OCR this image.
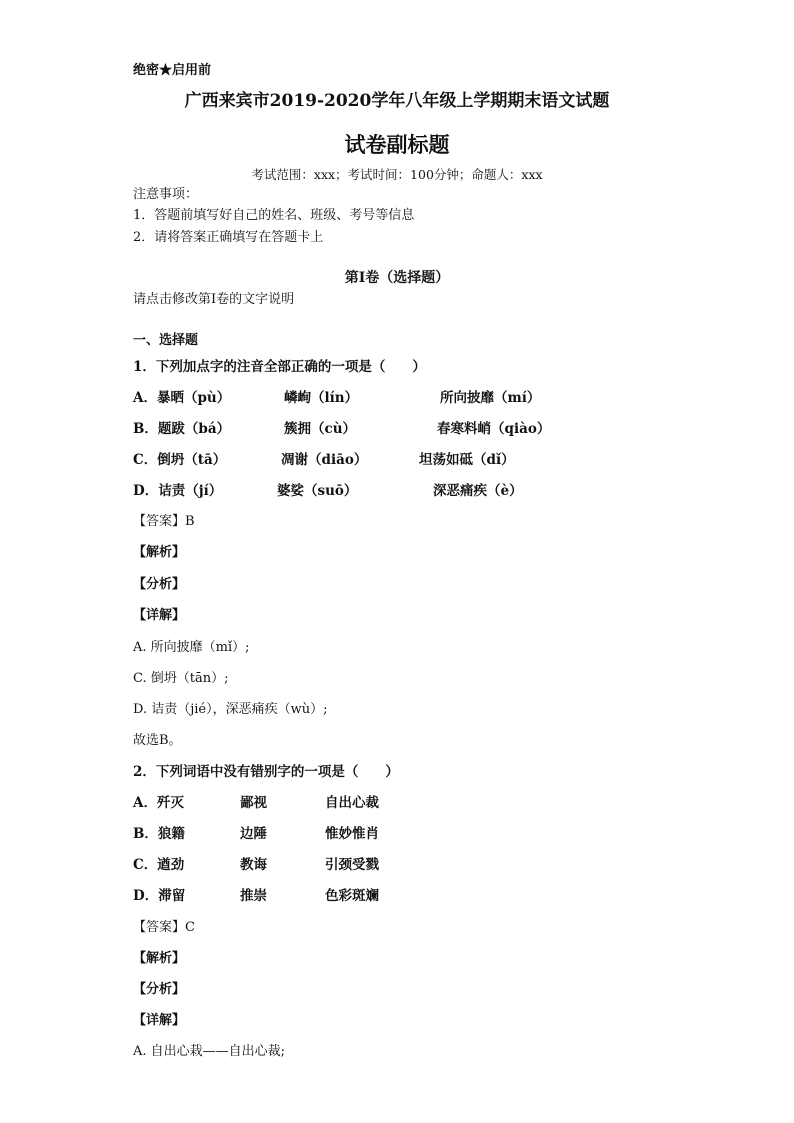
绝密★启用前
广西来宾市2019-2020学年八年级上学期期末语文试题
试卷副标题
考试范围：xxx；考试时间：100分钟；命题人：xxx
注意事项：
1．答题前填写好自己的姓名、班级、考号等信息
2．请将答案正确填写在答题卡上
第I卷（选择题）
请点击修改第I卷的文字说明
一、选择题
1．下列加点字的注音全部正确的一项是（　　）
A．暴晒（pù）	嶙峋（lín）	所向披靡（mí）
B．题跋（bá）	簇拥（cù）	春寒料峭（qiào）
C．倒坍（tā）	凋谢（diāo）	坦荡如砥（dǐ）
D．诘责（jí）	婆娑（suō）	深恶痛疾（è）
【答案】B
【解析】
【分析】
【详解】
A. 所向披靡（mǐ）;
C. 倒坍（tān）;
D. 诘责（jié），深恶痛疾（wù）;
故选B。
2．下列词语中没有错别字的一项是（　　）
A．歼灭	鄙视	自出心裁
B．狼籍	边陲	惟妙惟肖
C．遒劲	教诲	引颈受戮
D．滞留	推崇	色彩斑斓
【答案】C
【解析】
【分析】
【详解】
A. 自出心栽——自出心裁;
